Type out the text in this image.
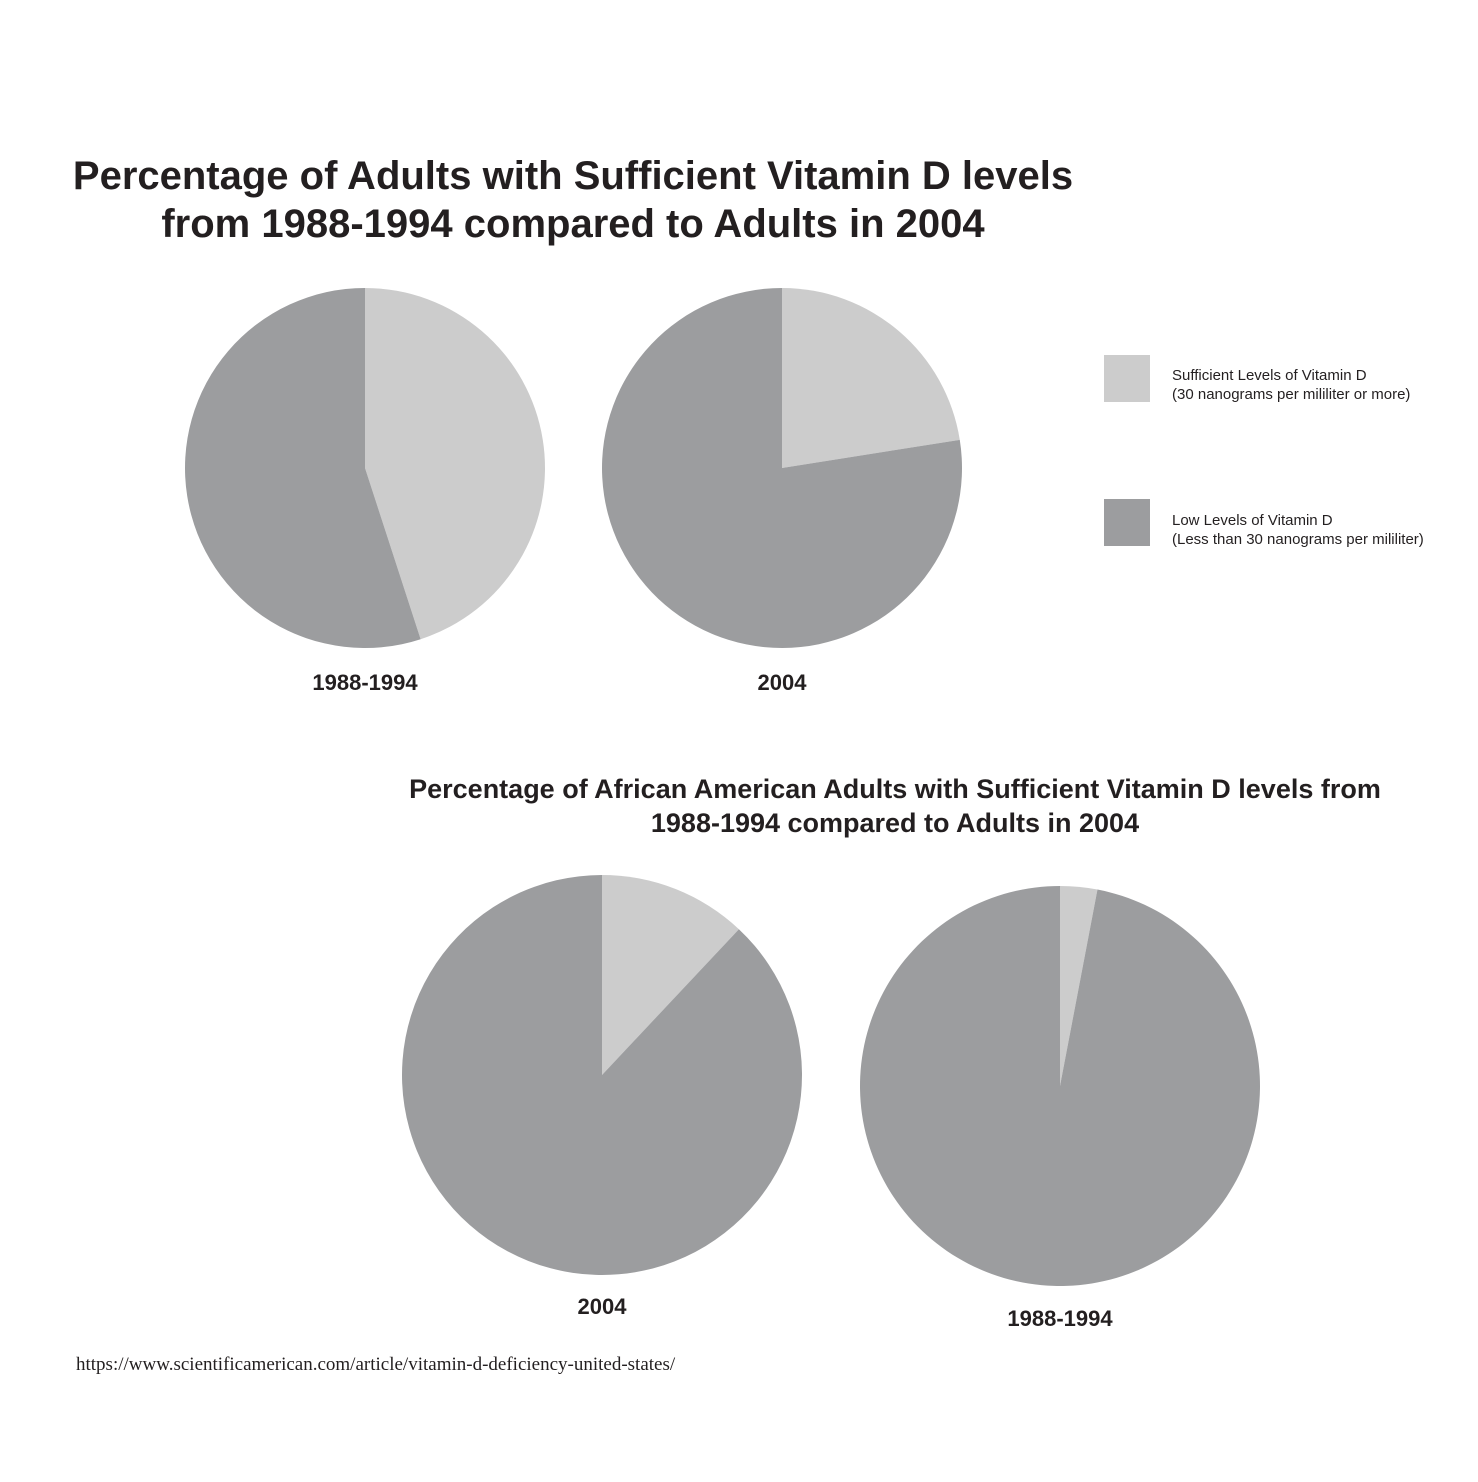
Percentage of Adults with Sufficient Vitamin D levels
from 1988-1994 compared to Adults in 2004
1988-1994	2004
Sufficient Levels of Vitamin D
(30 nanograms per mililiter or more)
Low Levels of Vitamin D
(Less than 30 nanograms per mililiter)
Percentage of African American Adults with Sufficient Vitamin D levels from
1988-1994 compared to Adults in 2004
2004	1988-1994
https://www.scientificamerican.com/article/vitamin-d-deficiency-united-states/
